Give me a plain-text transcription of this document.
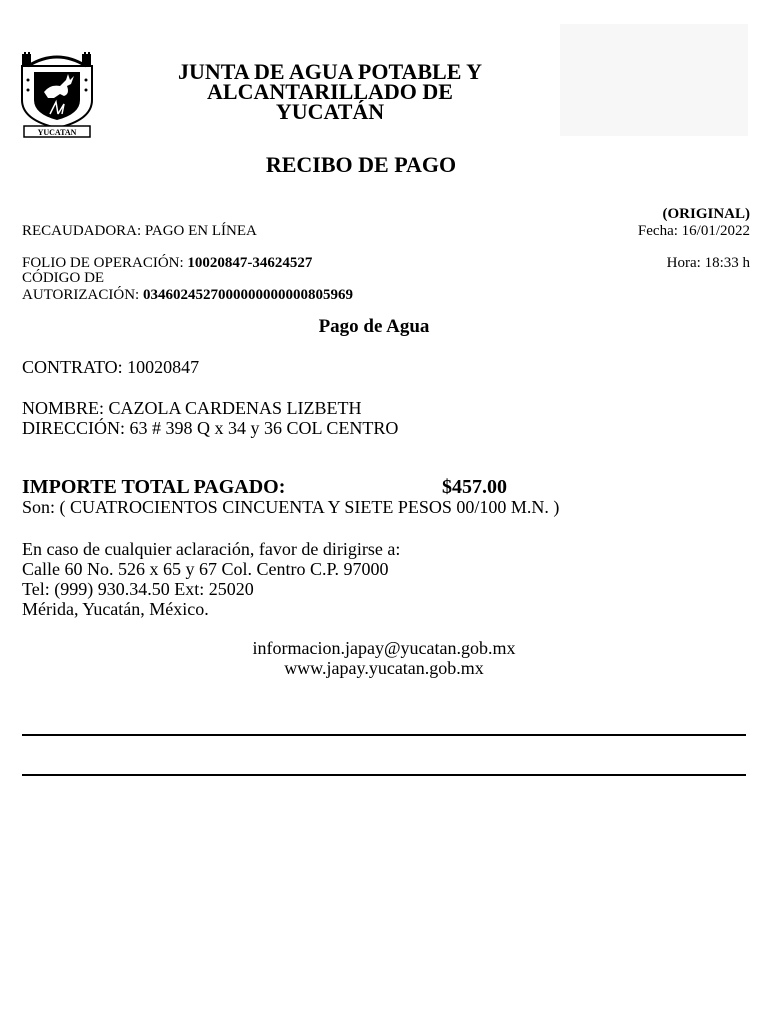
YUCATAN
JUNTA DE AGUA POTABLE Y
ALCANTARILLADO DE
YUCATÁN
RECIBO DE PAGO
(ORIGINAL)
RECAUDADORA: PAGO EN LÍNEA	Fecha: 16/01/2022
FOLIO DE OPERACIÓN: 10020847-34624527	Hora: 18:33 h
CÓDIGO DE
AUTORIZACIÓN: 0346024527000000000000805969
Pago de Agua
CONTRATO: 10020847
NOMBRE: CAZOLA CARDENAS LIZBETH
DIRECCIÓN: 63 # 398 Q x 34 y 36 COL CENTRO
IMPORTE TOTAL PAGADO:	$457.00
Son: ( CUATROCIENTOS CINCUENTA Y SIETE PESOS 00/100 M.N. )
En caso de cualquier aclaración, favor de dirigirse a:
Calle 60 No. 526 x 65 y 67 Col. Centro C.P. 97000
Tel: (999) 930.34.50 Ext: 25020
Mérida, Yucatán, México.
informacion.japay@yucatan.gob.mx
www.japay.yucatan.gob.mx
